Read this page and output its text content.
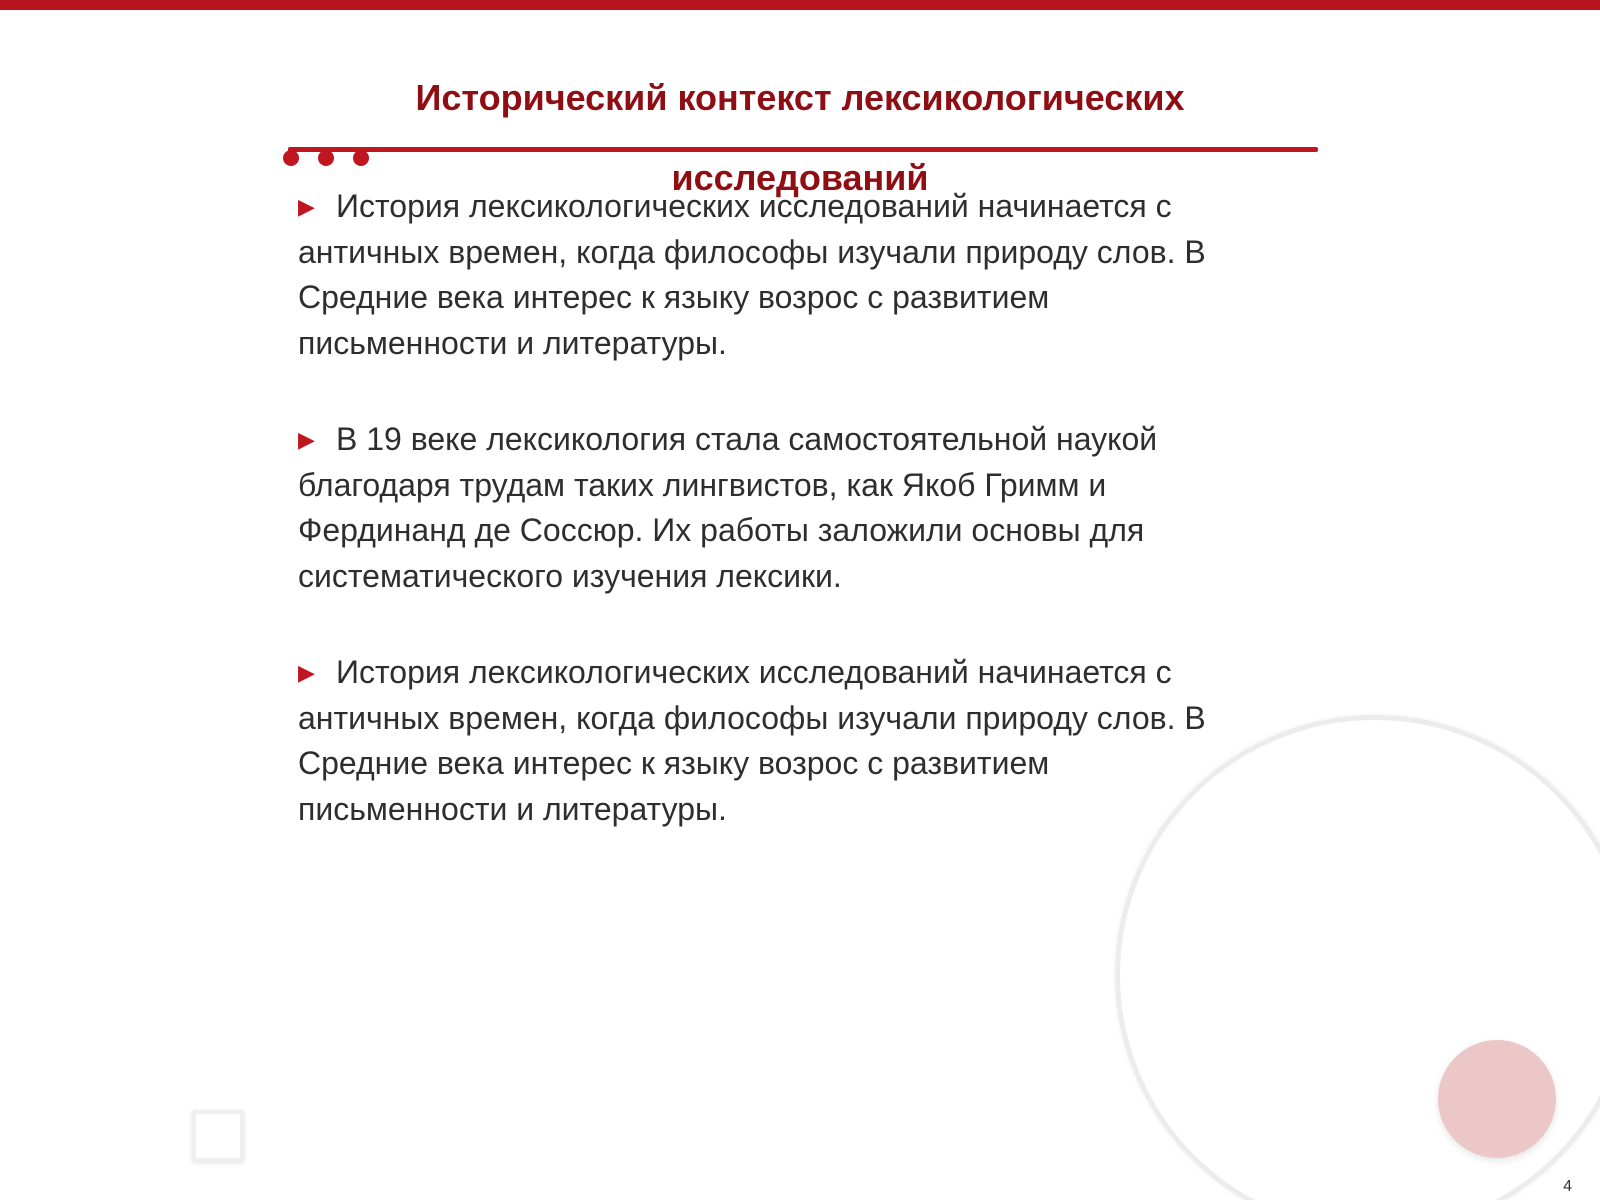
Исторический контекст лексикологических
исследований
▶ История лексикологических исследований начинается с
античных времен, когда философы изучали природу слов. В
Средние века интерес к языку возрос с развитием
письменности и литературы.
▶ В 19 веке лексикология стала самостоятельной наукой
благодаря трудам таких лингвистов, как Якоб Гримм и
Фердинанд де Соссюр. Их работы заложили основы для
систематического изучения лексики.
▶ История лексикологических исследований начинается с
античных времен, когда философы изучали природу слов. В
Средние века интерес к языку возрос с развитием
письменности и литературы.
4
